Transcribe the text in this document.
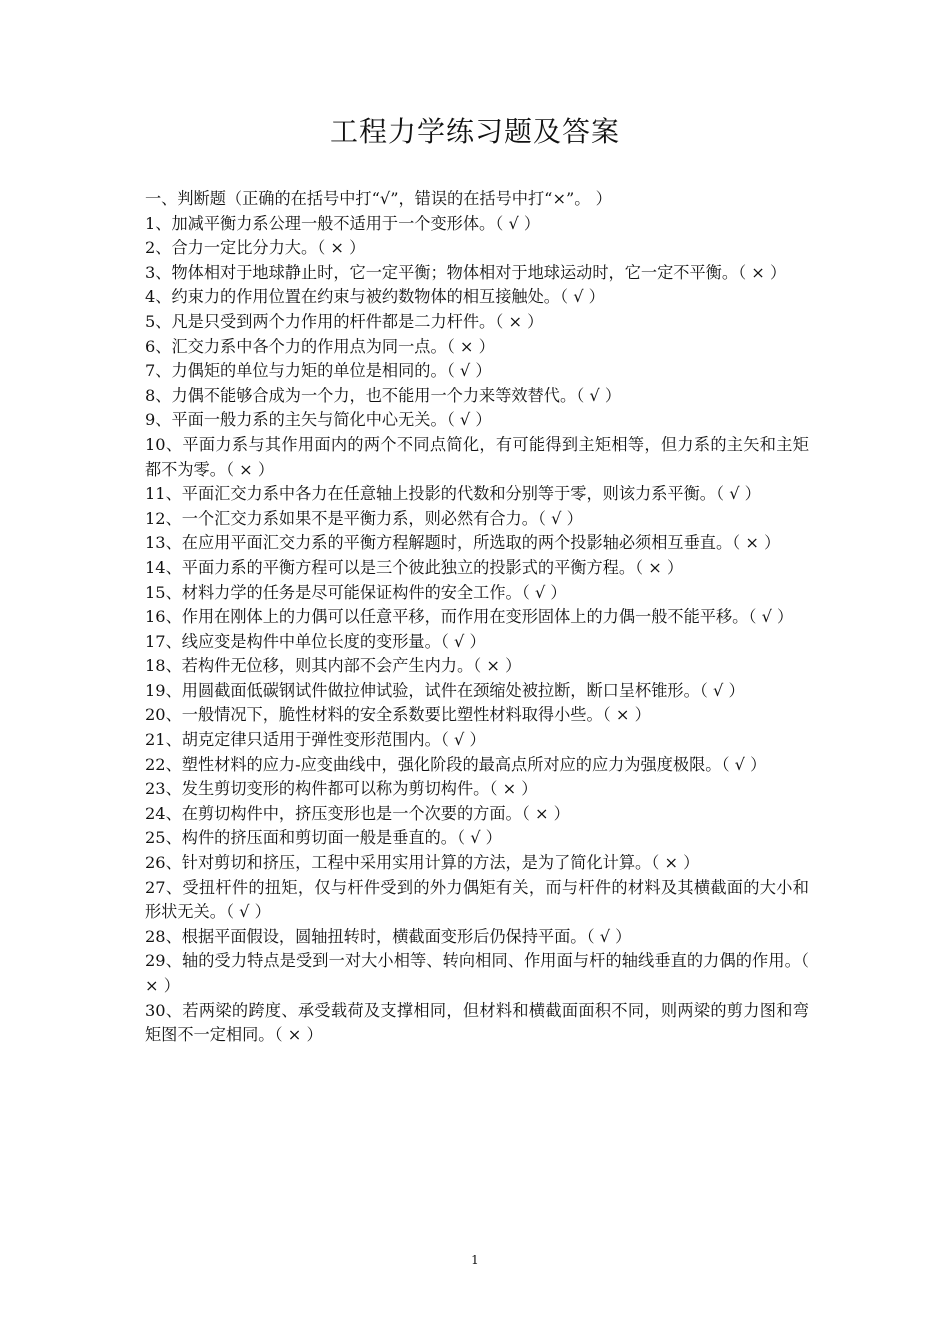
工程力学练习题及答案

一、判断题（正确的在括号中打“√”，错误的在括号中打“×”。 ）

1、加减平衡力系公理一般不适用于一个变形体。（ √ ）
2、合力一定比分力大。（ × ）
3、物体相对于地球静止时，它一定平衡；物体相对于地球运动时，它一定不平衡。（ × ）
4、约束力的作用位置在约束与被约数物体的相互接触处。（ √ ）
5、凡是只受到两个力作用的杆件都是二力杆件。（ × ）
6、汇交力系中各个力的作用点为同一点。（ × ）
7、力偶矩的单位与力矩的单位是相同的。（ √ ）
8、力偶不能够合成为一个力，也不能用一个力来等效替代。（ √ ）
9、平面一般力系的主矢与简化中心无关。（ √ ）
10、平面力系与其作用面内的两个不同点简化，有可能得到主矩相等，但力系的主矢和主矩都不为零。（ × ）
11、平面汇交力系中各力在任意轴上投影的代数和分别等于零，则该力系平衡。（ √ ）
12、一个汇交力系如果不是平衡力系，则必然有合力。（ √ ）
13、在应用平面汇交力系的平衡方程解题时，所选取的两个投影轴必须相互垂直。（ × ）
14、平面力系的平衡方程可以是三个彼此独立的投影式的平衡方程。（ × ）
15、材料力学的任务是尽可能保证构件的安全工作。（ √ ）
16、作用在刚体上的力偶可以任意平移，而作用在变形固体上的力偶一般不能平移。（ √ ）
17、线应变是构件中单位长度的变形量。（ √ ）
18、若构件无位移，则其内部不会产生内力。（ × ）
19、用圆截面低碳钢试件做拉伸试验，试件在颈缩处被拉断，断口呈杯锥形。（ √ ）
20、一般情况下，脆性材料的安全系数要比塑性材料取得小些。（ × ）
21、胡克定律只适用于弹性变形范围内。（ √ ）
22、塑性材料的应力-应变曲线中，强化阶段的最高点所对应的应力为强度极限。（ √ ）
23、发生剪切变形的构件都可以称为剪切构件。（ × ）
24、在剪切构件中，挤压变形也是一个次要的方面。（ × ）
25、构件的挤压面和剪切面一般是垂直的。（ √ ）
26、针对剪切和挤压，工程中采用实用计算的方法，是为了简化计算。（ × ）
27、受扭杆件的扭矩，仅与杆件受到的外力偶矩有关，而与杆件的材料及其横截面的大小和形状无关。（ √ ）
28、根据平面假设，圆轴扭转时，横截面变形后仍保持平面。（ √ ）
29、轴的受力特点是受到一对大小相等、转向相同、作用面与杆的轴线垂直的力偶的作用。（ × ）
30、若两梁的跨度、承受载荷及支撑相同，但材料和横截面面积不同，则两梁的剪力图和弯矩图不一定相同。（ × ）
1
